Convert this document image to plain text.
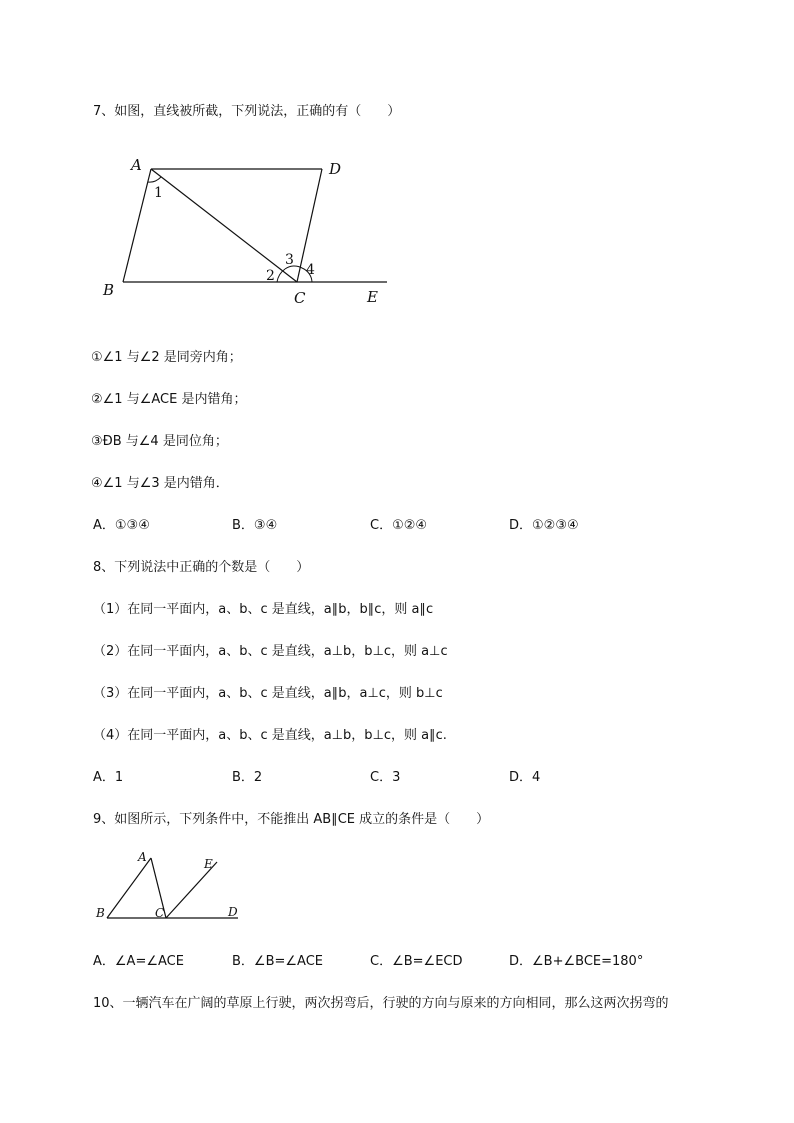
7、如图，直线被所截，下列说法，正确的有（　　）
A	D
B	C	E
1
2
3
4
①∠1 与∠2 是同旁内角；
②∠1 与∠ACE 是内错角；
③ÐB 与∠4 是同位角；
④∠1 与∠3 是内错角．
A．①③④	B．③④	C．①②④	D．①②③④
8、下列说法中正确的个数是（　　）
（1）在同一平面内，a、b、c 是直线，a∥b，b∥c，则 a∥c
（2）在同一平面内，a、b、c 是直线，a⊥b，b⊥c，则 a⊥c
（3）在同一平面内，a、b、c 是直线，a∥b，a⊥c，则 b⊥c
（4）在同一平面内，a、b、c 是直线，a⊥b，b⊥c，则 a∥c.
A．1	B．2	C．3	D．4
9、如图所示，下列条件中，不能推出 AB∥CE 成立的条件是（　　）
A	E
B	C	D
A．∠A=∠ACE	B．∠B=∠ACE	C．∠B=∠ECD	D．∠B+∠BCE=180°
10、一辆汽车在广阔的草原上行驶，两次拐弯后，行驶的方向与原来的方向相同，那么这两次拐弯的
